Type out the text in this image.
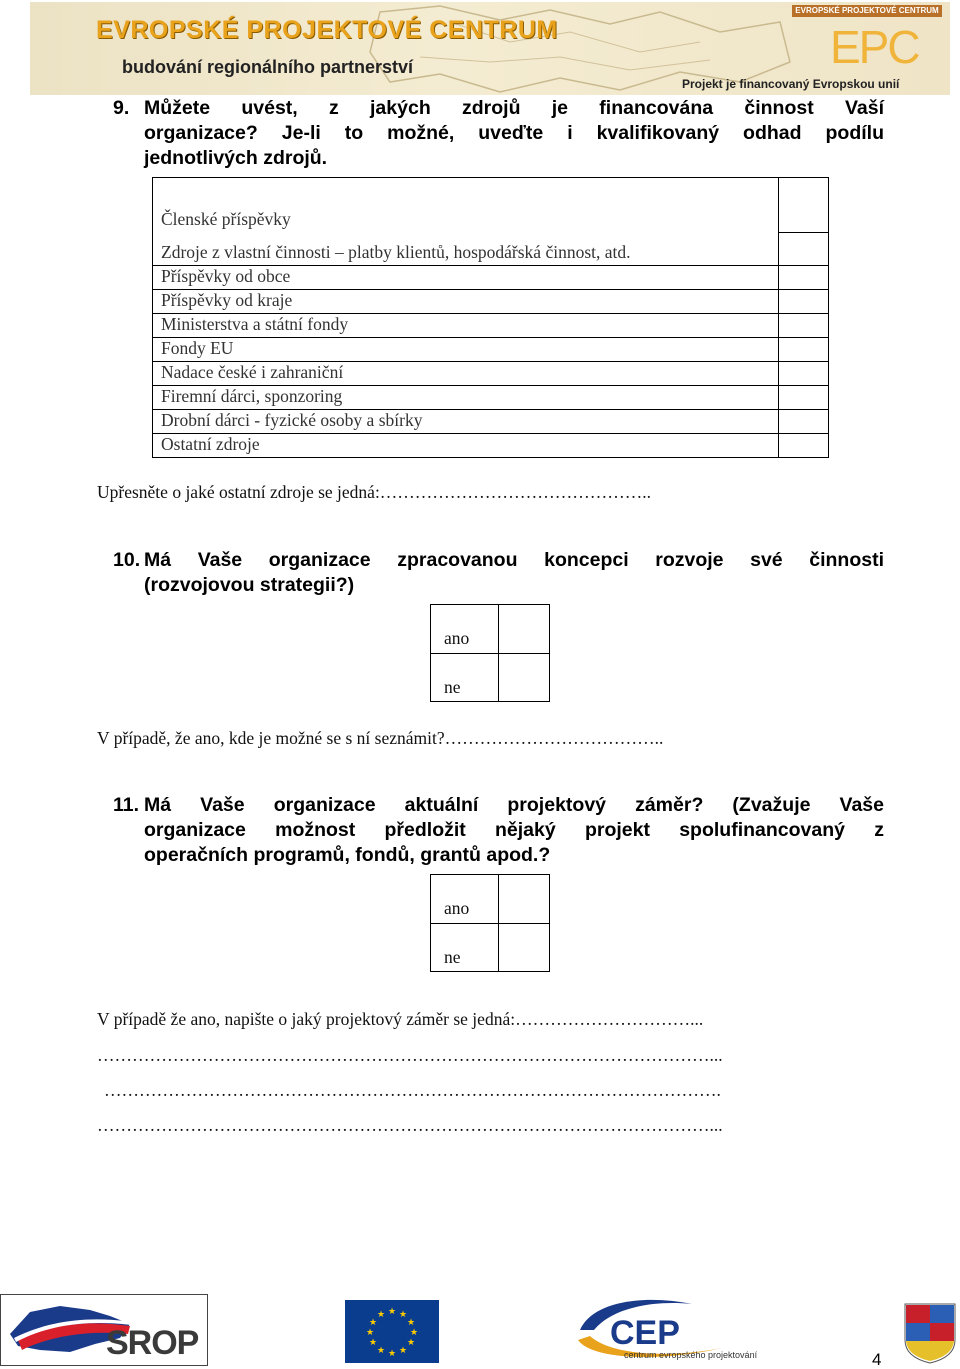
EVROPSKÉ PROJEKTOVÉ CENTRUM
budování regionálního partnerství
EVROPSKÉ PROJEKTOVÉ CENTRUM
EPC
Projekt je financovaný Evropskou unií
9. Můžete uvést, z jakých zdrojů je financována činnost Vaší
organizace? Je-li to možné, uveďte i kvalifikovaný odhad podílu
jednotlivých zdrojů.
Členské příspěvky
Zdroje z vlastní činnosti – platby klientů, hospodářská činnost, atd.
Příspěvky od obce
Příspěvky od kraje
Ministerstva a státní fondy
Fondy EU
Nadace české i zahraniční
Firemní dárci, sponzoring
Drobní dárci - fyzické osoby a sbírky
Ostatní zdroje
Upřesněte o jaké ostatní zdroje se jedná:………………………………………..
10. Má Vaše organizace zpracovanou koncepci rozvoje své činnosti
(rozvojovou strategii?)
ano
ne
V případě, že ano, kde je možné se s ní seznámit?………………………………..
11. Má Vaše organizace aktuální projektový záměr? (Zvažuje Vaše
organizace možnost předložit nějaký projekt spolufinancovaný z
operačních programů, fondů, grantů apod.?
ano
ne
V případě že ano, napište o jaký projektový záměr se jedná:…………………………...
……………………………………………………………………………………………...
…………………………………………………………………………………………….
……………………………………………………………………………………………...
SROP
★ ★
★
★
★
★
★
★
★
★
★
★	CEP
centrum evropského projektování	4
